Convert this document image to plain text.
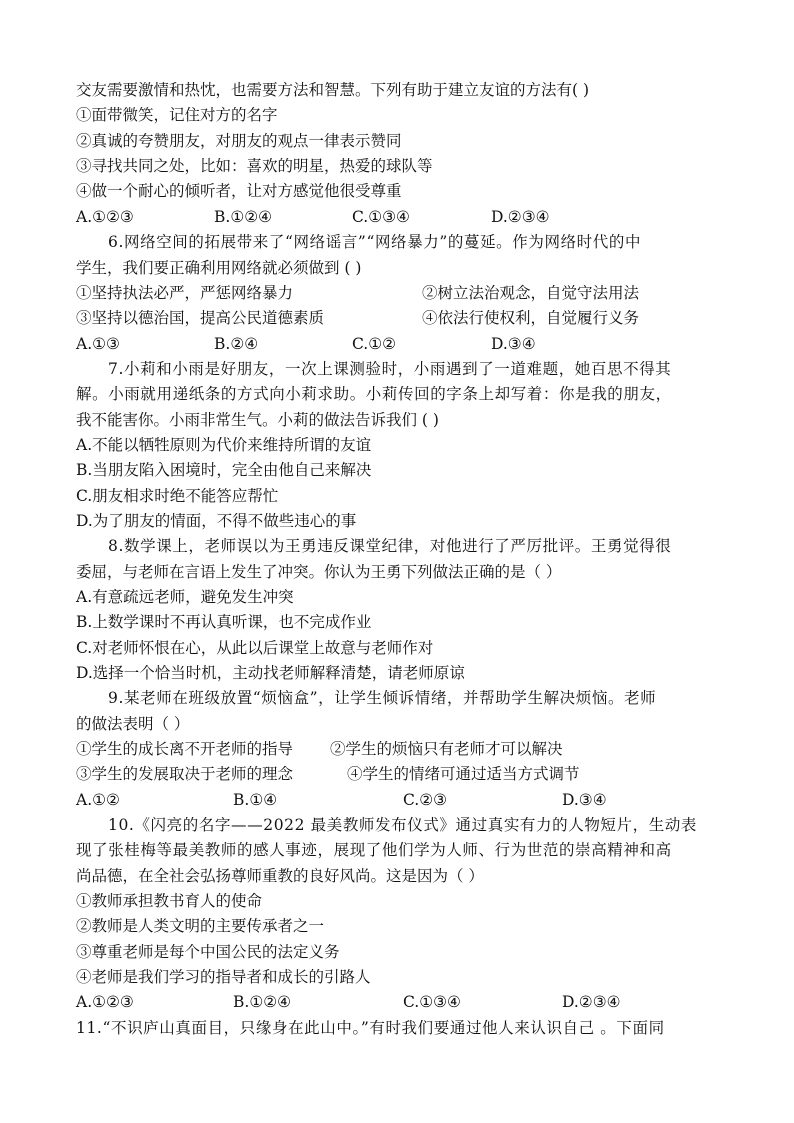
交友需要激情和热忱，也需要方法和智慧。下列有助于建立友谊的方法有( )
①面带微笑，记住对方的名字
②真诚的夸赞朋友，对朋友的观点一律表示赞同
③寻找共同之处，比如：喜欢的明星，热爱的球队等
④做一个耐心的倾听者，让对方感觉他很受尊重
A.①②③	B.①②④	C.①③④	D.②③④
6.网络空间的拓展带来了“网络谣言”“网络暴力”的蔓延。作为网络时代的中
学生，我们要正确利用网络就必须做到 ( )
①坚持执法必严，严惩网络暴力	②树立法治观念，自觉守法用法
③坚持以德治国，提高公民道德素质	④依法行使权利，自觉履行义务
A.①③	B.②④	C.①②	D.③④
7.小莉和小雨是好朋友，一次上课测验时，小雨遇到了一道难题，她百思不得其
解。小雨就用递纸条的方式向小莉求助。小莉传回的字条上却写着：你是我的朋友，
我不能害你。小雨非常生气。小莉的做法告诉我们 ( )
A.不能以牺牲原则为代价来维持所谓的友谊
B.当朋友陷入困境时，完全由他自己来解决
C.朋友相求时绝不能答应帮忙
D.为了朋友的情面，不得不做些违心的事
8.数学课上，老师误以为王勇违反课堂纪律，对他进行了严厉批评。王勇觉得很
委屈，与老师在言语上发生了冲突。你认为王勇下列做法正确的是（ ）
A.有意疏远老师，避免发生冲突
B.上数学课时不再认真听课，也不完成作业
C.对老师怀恨在心，从此以后课堂上故意与老师作对
D.选择一个恰当时机，主动找老师解释清楚，请老师原谅
9.某老师在班级放置“烦恼盒”，让学生倾诉情绪，并帮助学生解决烦恼。老师
的做法表明（ ）
①学生的成长离不开老师的指导 ②学生的烦恼只有老师才可以解决
③学生的发展取决于老师的理念	④学生的情绪可通过适当方式调节
A.①②	B.①④	C.②③	D.③④
10.《闪亮的名字——2022 最美教师发布仪式》通过真实有力的人物短片，生动表
现了张桂梅等最美教师的感人事迹，展现了他们学为人师、行为世范的崇高精神和高
尚品德，在全社会弘扬尊师重教的良好风尚。这是因为（ ）
①教师承担教书育人的使命
②教师是人类文明的主要传承者之一
③尊重老师是每个中国公民的法定义务
④老师是我们学习的指导者和成长的引路人
A.①②③	B.①②④	C.①③④	D.②③④
11.“不识庐山真面目，只缘身在此山中。”有时我们要通过他人来认识自己 。下面同
